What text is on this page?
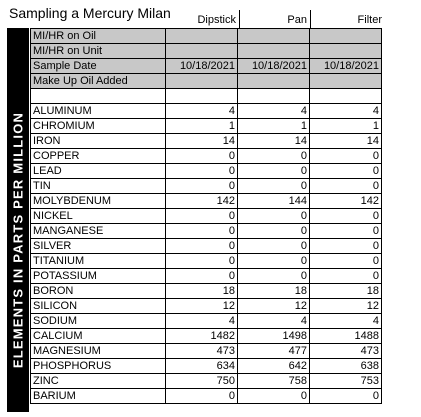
Sampling a Mercury Milan	Dipstick	Pan	Filter
ELEMENTS IN PARTS PER MILLION
MI/HR on Oil			
MI/HR on Unit			
Sample Date	10/18/2021	10/18/2021	10/18/2021
Make Up Oil Added			

ALUMINUM	4	4	4
CHROMIUM	1	1	1
IRON	14	14	14
COPPER	0	0	0
LEAD	0	0	0
TIN	0	0	0
MOLYBDENUM	142	144	142
NICKEL	0	0	0
MANGANESE	0	0	0
SILVER	0	0	0
TITANIUM	0	0	0
POTASSIUM	0	0	0
BORON	18	18	18
SILICON	12	12	12
SODIUM	4	4	4
CALCIUM	1482	1498	1488
MAGNESIUM	473	477	473
PHOSPHORUS	634	642	638
ZINC	750	758	753
BARIUM	0	0	0
